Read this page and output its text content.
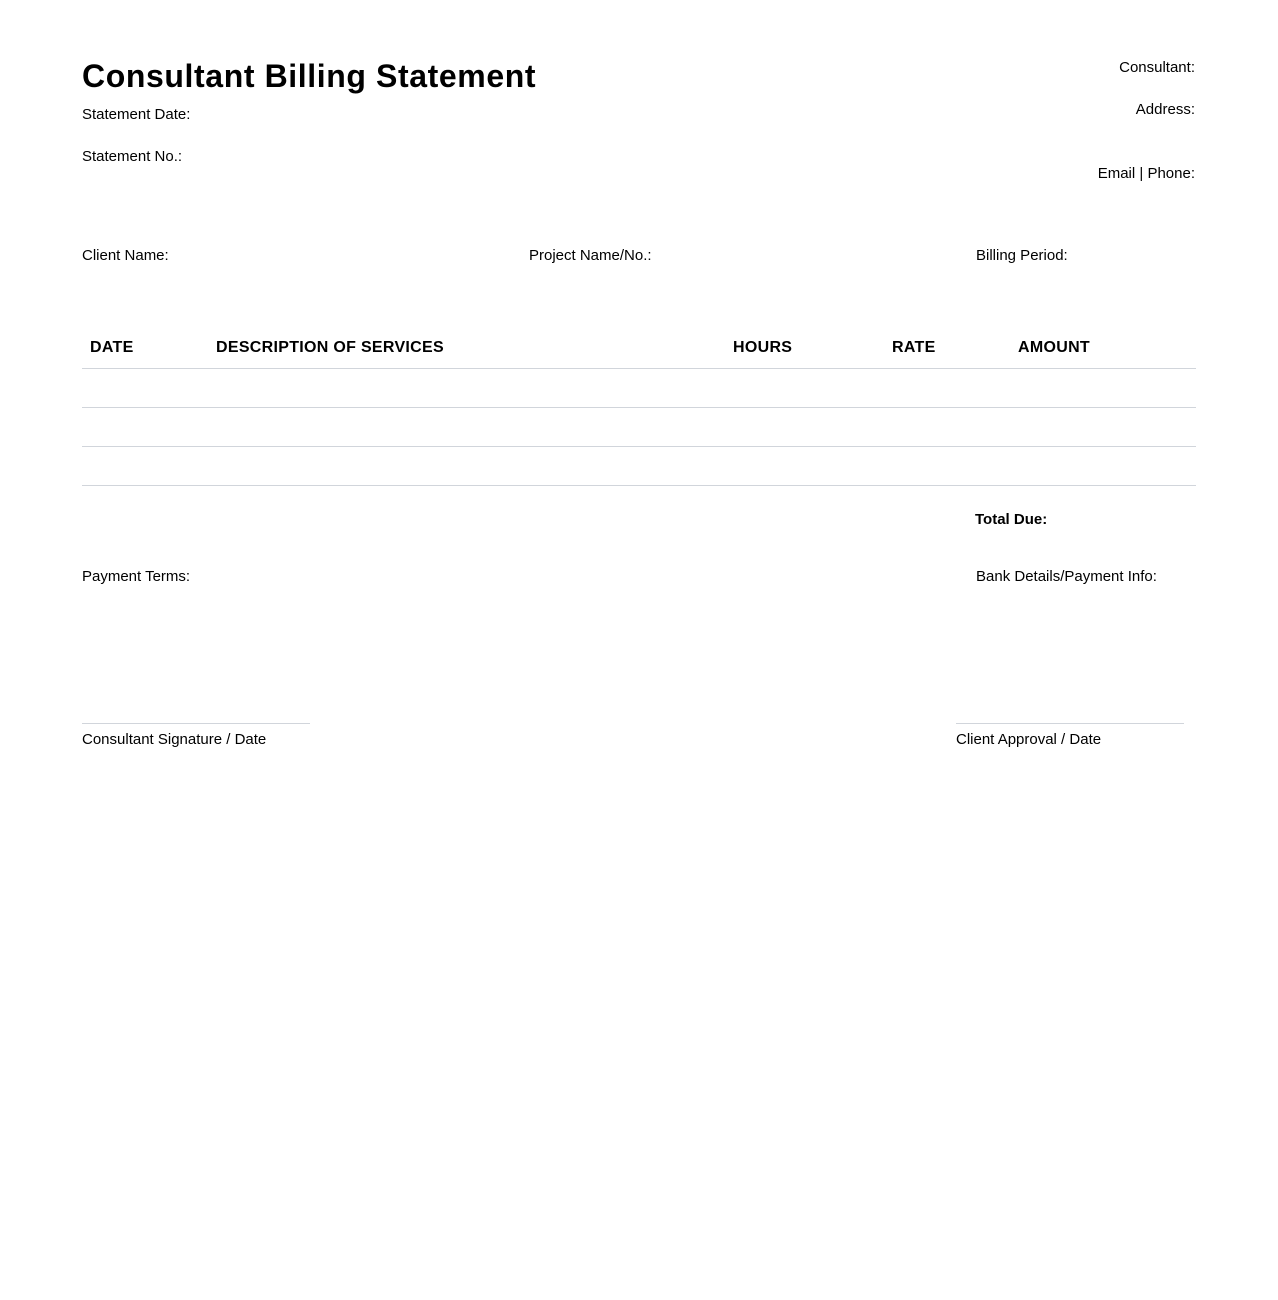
Consultant Billing Statement
Statement Date:
Statement No.:
Consultant:
Address:
Email | Phone:
Client Name:	Project Name/No.:	Billing Period:
DATE	DESCRIPTION OF SERVICES	HOURS	RATE	AMOUNT
Total Due:
Payment Terms:	Bank Details/Payment Info:
Consultant Signature / Date	Client Approval / Date
